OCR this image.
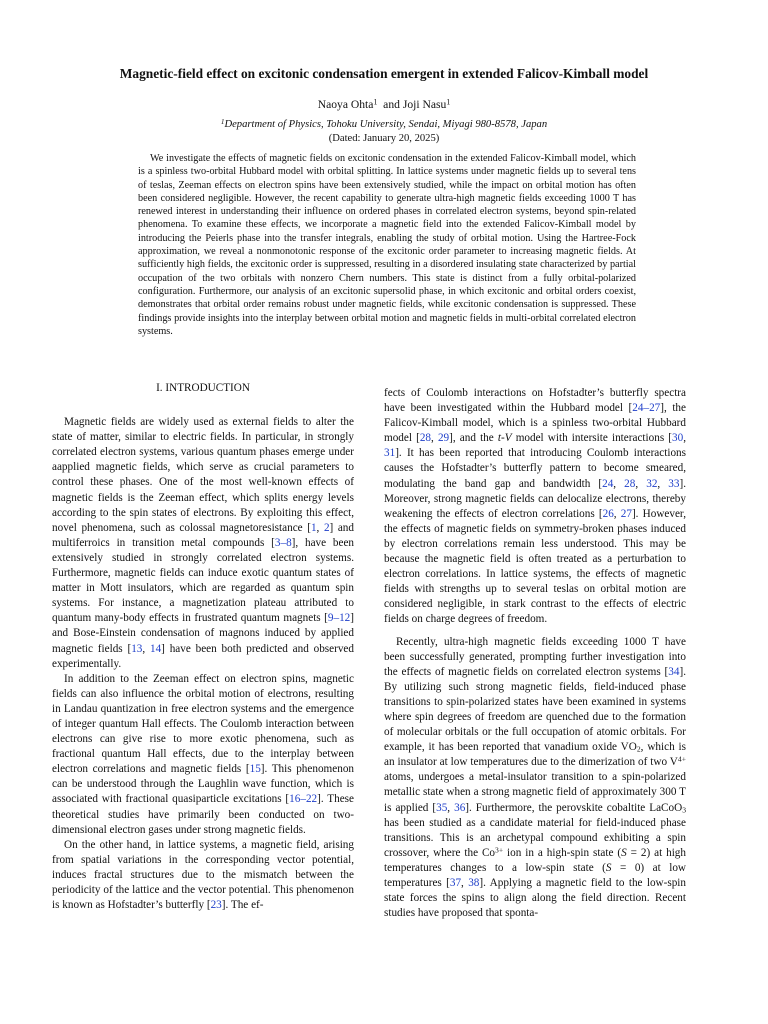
Magnetic-field effect on excitonic condensation emergent in extended Falicov-Kimball model
Naoya Ohta$^1$ and Joji Nasu$^1$
$^1$Department of Physics, Tohoku University, Sendai, Miyagi 980-8578, Japan
(Dated: January 20, 2025)

We investigate the effects of magnetic fields on excitonic condensation in the extended Falicov-Kimball model, which is a spinless two-orbital Hubbard model with orbital splitting. In lattice systems under magnetic fields up to several tens of teslas, Zeeman effects on electron spins have been extensively studied, while the impact on orbital motion has often been considered negligible. However, the recent capability to generate ultra-high magnetic fields exceeding 1000 T has renewed interest in understanding their influence on ordered phases in correlated electron systems, beyond spin-related phenomena. To examine these effects, we incorporate a magnetic field into the extended Falicov-Kimball model by introducing the Peierls phase into the transfer integrals, enabling the study of orbital motion. Using the Hartree-Fock approximation, we reveal a nonmonotonic response of the excitonic order parameter to increasing magnetic fields. At sufficiently high fields, the excitonic order is suppressed, resulting in a disordered insulating state characterized by partial occupation of the two orbitals with nonzero Chern numbers. This state is distinct from a fully orbital-polarized configuration. Furthermore, our analysis of an excitonic supersolid phase, in which excitonic and orbital orders coexist, demonstrates that orbital order remains robust under magnetic fields, while excitonic condensation is suppressed. These findings provide insights into the interplay between orbital motion and magnetic fields in multi-orbital correlated electron systems.

I. INTRODUCTION

Magnetic fields are widely used as external fields to alter the state of matter, similar to electric fields. In particular, in strongly correlated electron systems, various quantum phases emerge under aapplied magnetic fields, which serve as crucial parameters to control these phases. One of the most well-known effects of magnetic fields is the Zeeman effect, which splits energy levels according to the spin states of electrons. By exploiting this effect, novel phenomena, such as colossal magnetoresistance [1, 2] and multiferroics in transition metal compounds [3–8], have been extensively studied in strongly correlated electron systems. Furthermore, magnetic fields can induce exotic quantum states of matter in Mott insulators, which are regarded as quantum spin systems. For instance, a magnetization plateau attributed to quantum many-body effects in frustrated quantum magnets [9–12] and Bose-Einstein condensation of magnons induced by applied magnetic fields [13, 14] have been both predicted and observed experimentally.

In addition to the Zeeman effect on electron spins, magnetic fields can also influence the orbital motion of electrons, resulting in Landau quantization in free electron systems and the emergence of integer quantum Hall effects. The Coulomb interaction between electrons can give rise to more exotic phenomena, such as fractional quantum Hall effects, due to the interplay between electron correlations and magnetic fields [15]. This phenomenon can be understood through the Laughlin wave function, which is associated with fractional quasiparticle excitations [16–22]. These theoretical studies have primarily been conducted on two-dimensional electron gases under strong magnetic fields.

On the other hand, in lattice systems, a magnetic field, arising from spatial variations in the corresponding vector potential, induces fractal structures due to the mismatch between the periodicity of the lattice and the vector potential. This phenomenon is known as Hofstadter’s butterfly [23]. The ef-

fects of Coulomb interactions on Hofstadter’s butterfly spectra have been investigated within the Hubbard model [24–27], the Falicov-Kimball model, which is a spinless two-orbital Hubbard model [28, 29], and the t-V model with intersite interactions [30, 31]. It has been reported that introducing Coulomb interactions causes the Hofstadter’s butterfly pattern to become smeared, modulating the band gap and bandwidth [24, 28, 32, 33]. Moreover, strong magnetic fields can delocalize electrons, thereby weakening the effects of electron correlations [26, 27]. However, the effects of magnetic fields on symmetry-broken phases induced by electron correlations remain less understood. This may be because the magnetic field is often treated as a perturbation to electron correlations. In lattice systems, the effects of magnetic fields with strengths up to several teslas on orbital motion are considered negligible, in stark contrast to the effects of electric fields on charge degrees of freedom.

Recently, ultra-high magnetic fields exceeding 1000 T have been successfully generated, prompting further investigation into the effects of magnetic fields on correlated electron systems [34]. By utilizing such strong magnetic fields, field-induced phase transitions to spin-polarized states have been examined in systems where spin degrees of freedom are quenched due to the formation of molecular orbitals or the full occupation of atomic orbitals. For example, it has been reported that vanadium oxide $VO_2$, which is an insulator at low temperatures due to the dimerization of two $V^{4+}$ atoms, undergoes a metal-insulator transition to a spin-polarized metallic state when a strong magnetic field of approximately 300 T is applied [35, 36]. Furthermore, the perovskite cobaltite LaCoO$_3$ has been studied as a candidate material for field-induced phase transitions. This is an archetypal compound exhibiting a spin crossover, where the $Co^{3+}$ ion in a high-spin state (S = 2) at high temperatures changes to a low-spin state (S = 0) at low temperatures [37, 38]. Applying a magnetic field to the low-spin state forces the spins to align along the field direction. Recent studies have proposed that sponta-
